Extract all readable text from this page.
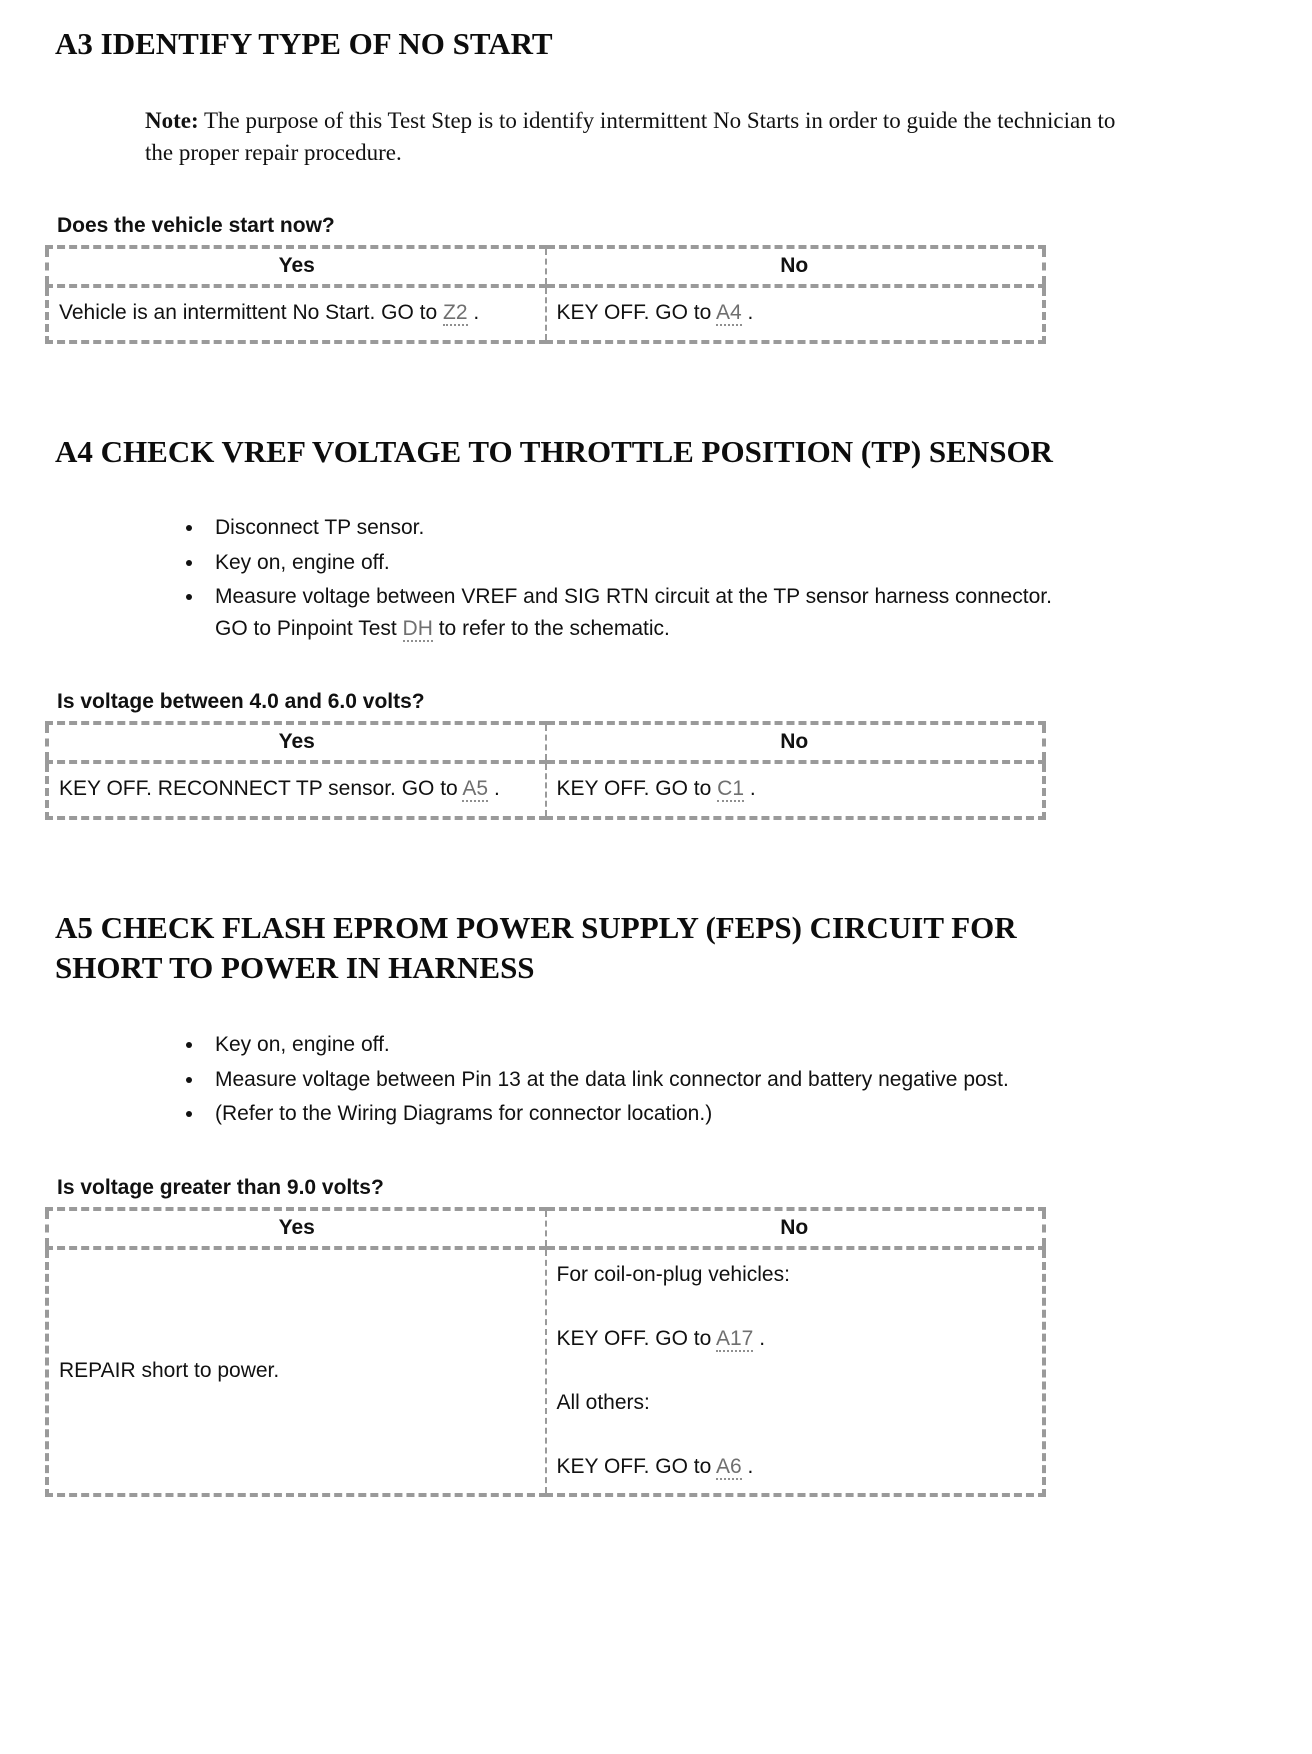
A3 IDENTIFY TYPE OF NO START

Note: The purpose of this Test Step is to identify intermittent No Starts in order to guide the technician to the proper repair procedure.

Does the vehicle start now?
Yes	No

Vehicle is an intermittent No Start. GO to Z2 .	KEY OFF. GO to A4 .
A4 CHECK VREF VOLTAGE TO THROTTLE POSITION (TP) SENSOR
• Disconnect TP sensor.
• Key on, engine off.
• Measure voltage between VREF and SIG RTN circuit at the TP sensor harness connector. GO to Pinpoint Test DH to refer to the schematic.
Is voltage between 4.0 and 6.0 volts?
Yes	No

KEY OFF. RECONNECT TP sensor. GO to A5 .	KEY OFF. GO to C1 .
A5 CHECK FLASH EPROM POWER SUPPLY (FEPS) CIRCUIT FOR SHORT TO POWER IN HARNESS
• Key on, engine off.
• Measure voltage between Pin 13 at the data link connector and battery negative post.
• (Refer to the Wiring Diagrams for connector location.)
Is voltage greater than 9.0 volts?
Yes	No

REPAIR short to power.	For coil-on-plug vehicles:
KEY OFF. GO to A17 .
All others:
KEY OFF. GO to A6 .
